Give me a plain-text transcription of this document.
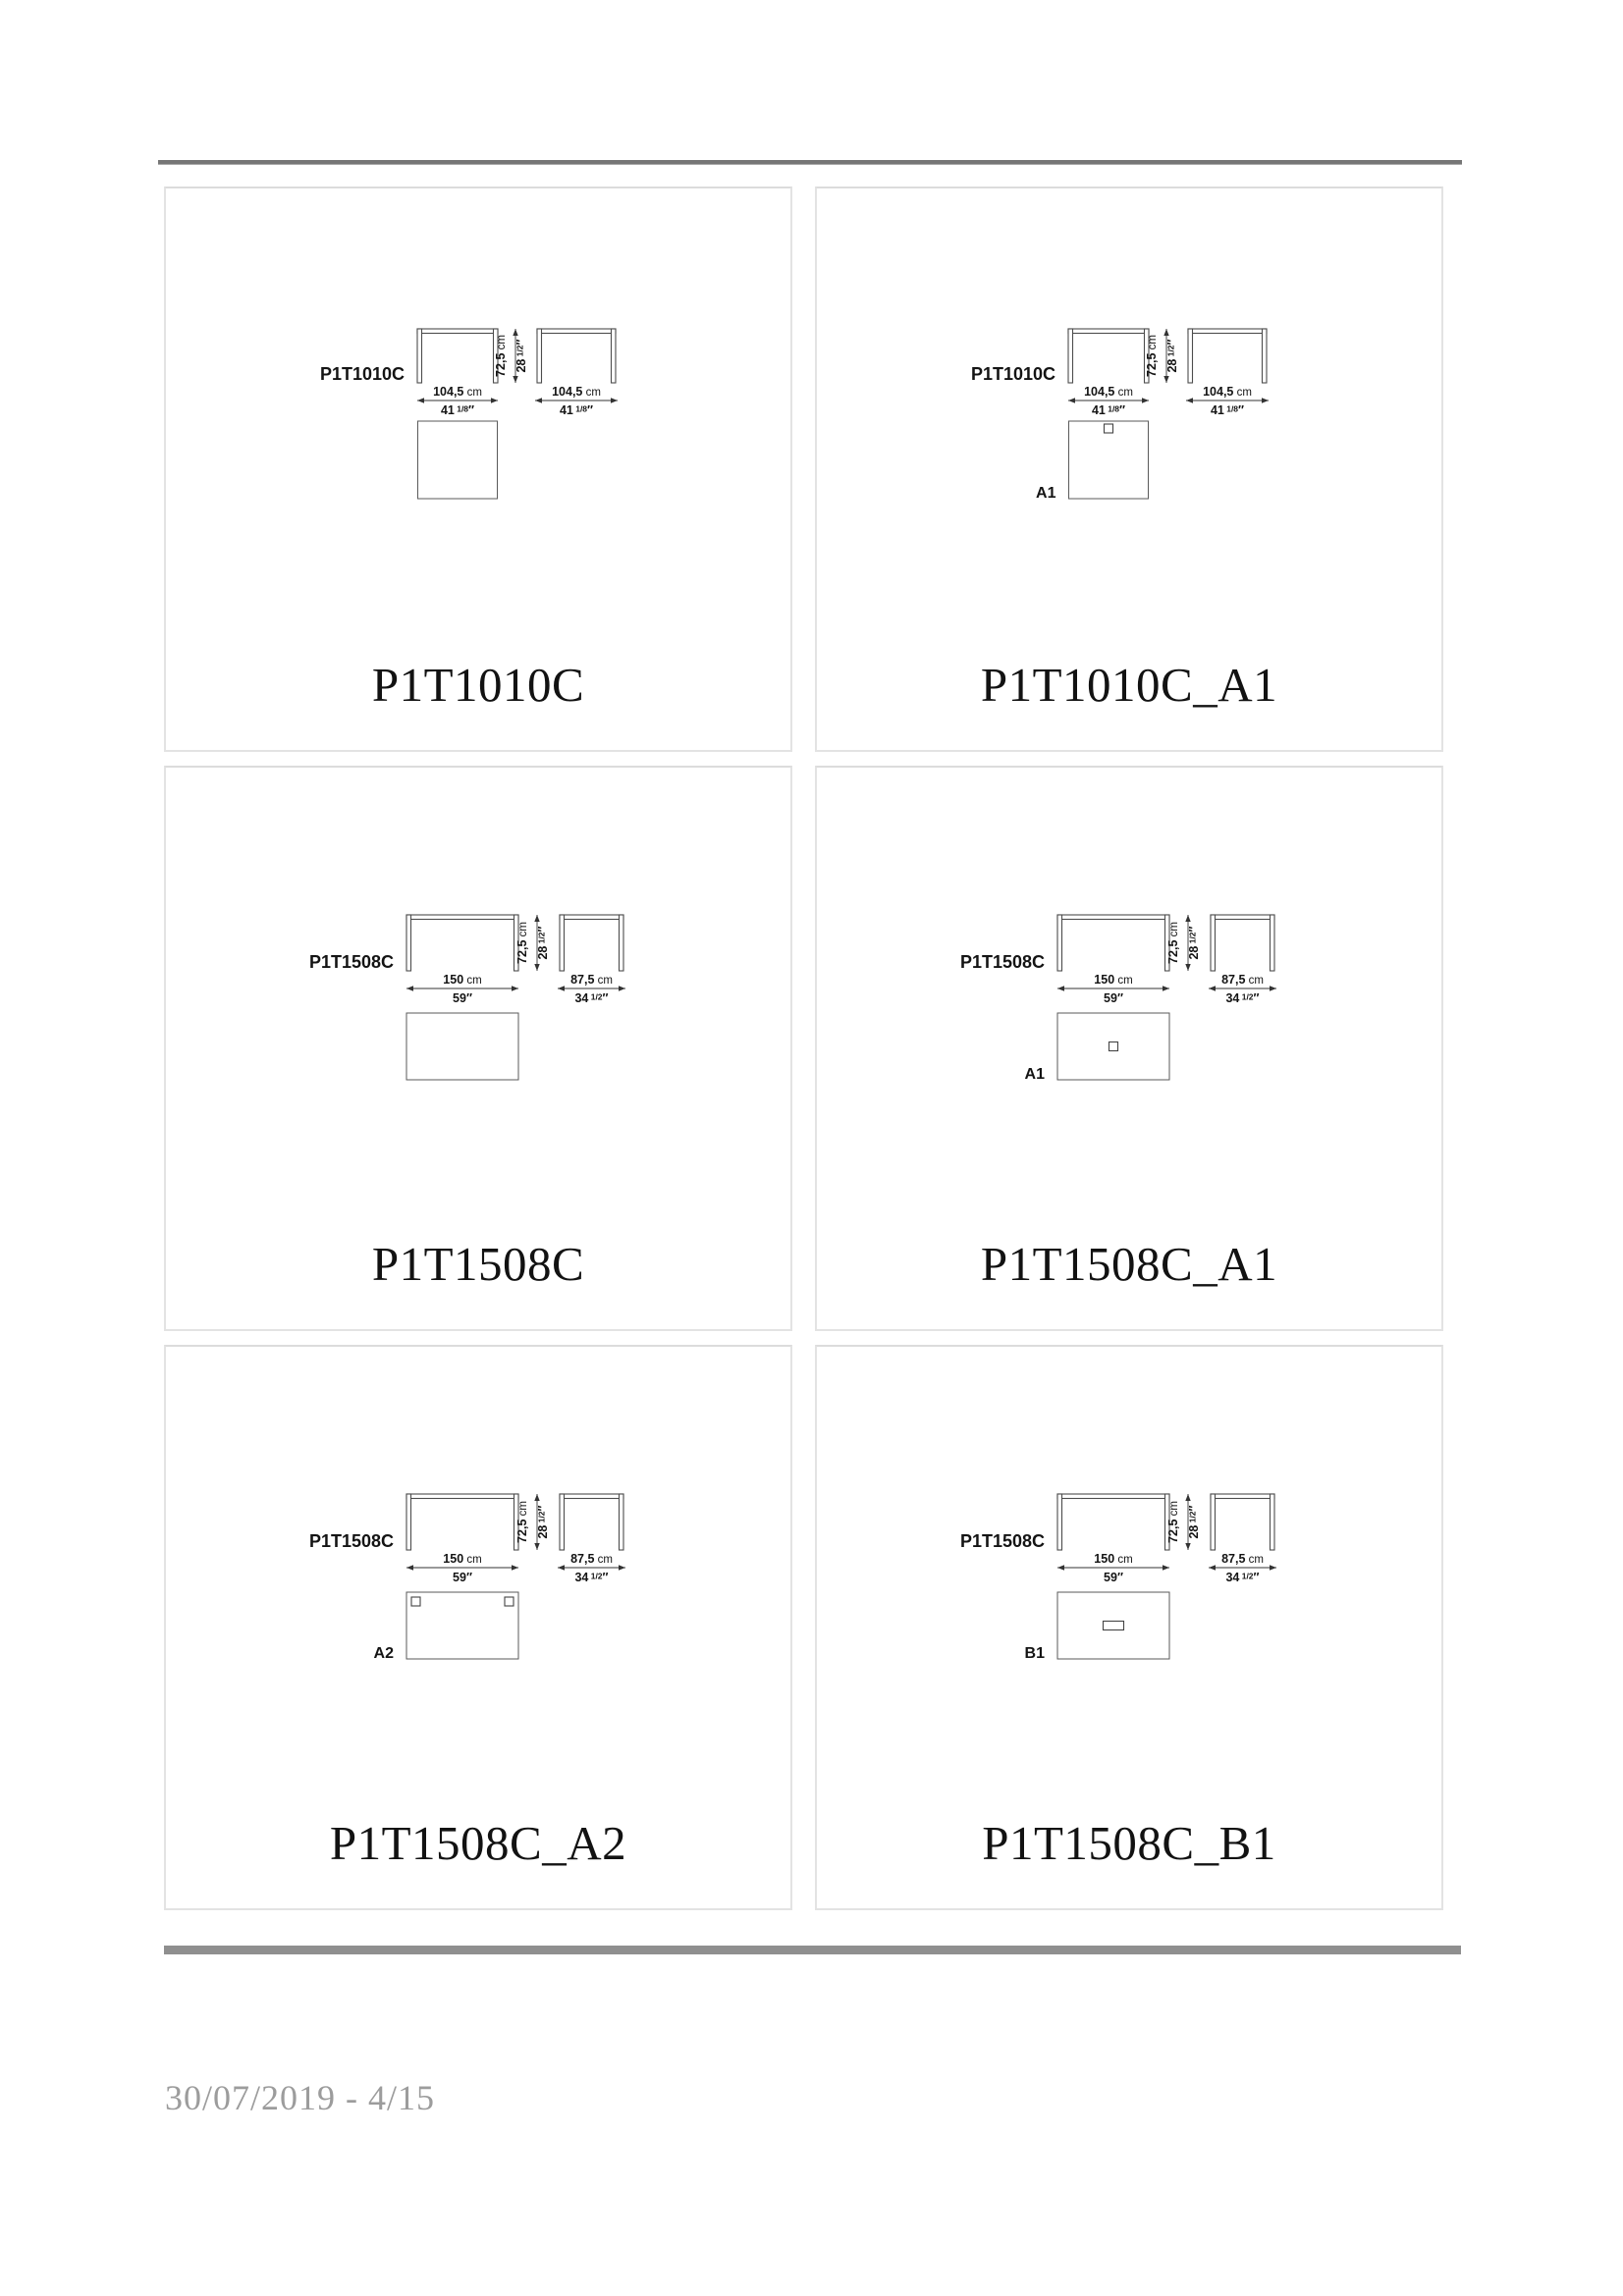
P1T1010C	72,5 cm
28 $^{1/2}$″
104,5 cm
41 $^{1/8}$″
104,5 cm
41 $^{1/8}$″
P1T1010C
P1T1010C	72,5 cm
28 $^{1/2}$″
104,5 cm
41 $^{1/8}$″
104,5 cm
41 $^{1/8}$″
A1
P1T1010C_A1
P1T1508C	72,5 cm
28 $^{1/2}$″
150 cm
59″
87,5 cm
34 $^{1/2}$″
P1T1508C
P1T1508C	72,5 cm
28 $^{1/2}$″
150 cm
59″
87,5 cm
34 $^{1/2}$″
A1
P1T1508C_A1
P1T1508C	72,5 cm
28 $^{1/2}$″
150 cm
59″
87,5 cm
34 $^{1/2}$″
A2
P1T1508C_A2
P1T1508C	72,5 cm
28 $^{1/2}$″
150 cm
59″
87,5 cm
34 $^{1/2}$″
B1
P1T1508C_B1
30/07/2019 - 4/15
